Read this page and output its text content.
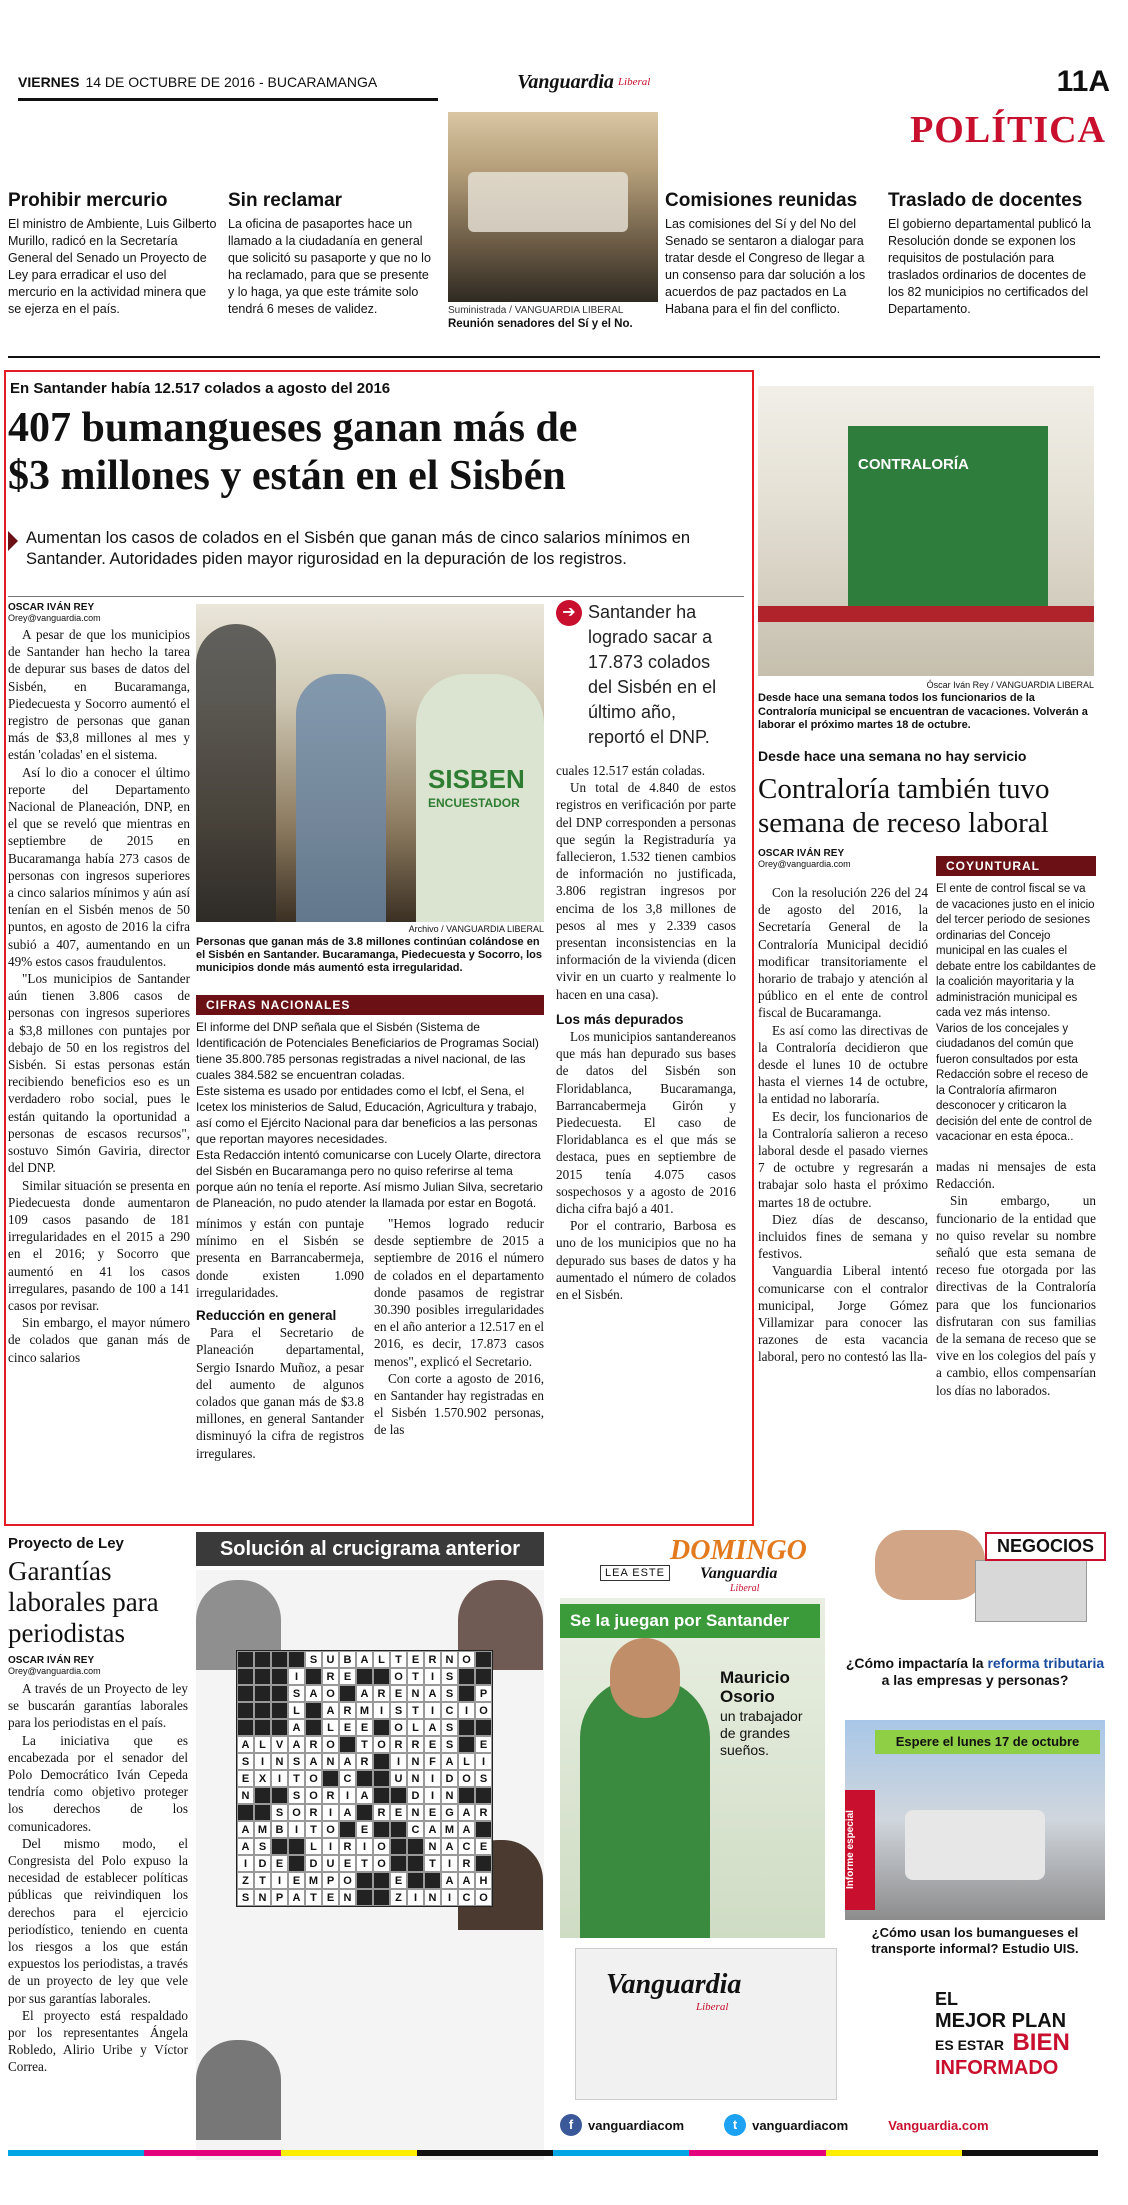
VIERNES 14 DE OCTUBRE DE 2016 - BUCARAMANGA	Vanguardia Liberal	11A
POLÍTICA
Suministrada / VANGUARDIA LIBERAL
Reunión senadores del Sí y el No.
Prohibir mercurio
El ministro de Ambiente, Luis Gilberto Murillo, radicó en la Secretaría General del Senado un Proyecto de Ley para erradicar el uso del mercurio en la actividad minera que se ejerza en el país.
Sin reclamar
La oficina de pasaportes hace un llamado a la ciudadanía en general que solicitó su pasaporte y que no lo ha reclamado, para que se presente y lo haga, ya que este trámite solo tendrá 6 meses de validez.
Comisiones reunidas
Las comisiones del Sí y del No del Senado se sentaron a dialogar para tratar desde el Congreso de llegar a un consenso para dar solución a los acuerdos de paz pactados en La Habana para el fin del conflicto.
Traslado de docentes
El gobierno departamental publicó la Resolución donde se exponen los requisitos de postulación para traslados ordinarios de docentes de los 82 municipios no certificados del Departamento.
En Santander había 12.517 colados a agosto del 2016
407 bumangueses ganan más de
$3 millones y están en el Sisbén
Aumentan los casos de colados en el Sisbén que ganan más de cinco salarios mínimos en Santander. Autoridades piden mayor rigurosidad en la depuración de los registros.
OSCAR IVÁN REY
Orey@vanguardia.com

A pesar de que los municipios de Santander han hecho la tarea de depurar sus bases de datos del Sisbén, en Bucaramanga, Piedecuesta y Socorro aumentó el registro de personas que ganan más de $3,8 millones al mes y están 'coladas' en el sistema.

Así lo dio a conocer el último reporte del Departamento Nacional de Planeación, DNP, en el que se reveló que mientras en septiembre de 2015 en Bucaramanga había 273 casos de personas con ingresos superiores a cinco salarios mínimos y aún así tenían en el Sisbén menos de 50 puntos, en agosto de 2016 la cifra subió a 407, aumentando en un 49% estos casos fraudulentos.

"Los municipios de Santander aún tienen 3.806 casos de personas con ingresos superiores a $3,8 millones con puntajes por debajo de 50 en los registros del Sisbén. Si estas personas están recibiendo beneficios eso es un verdadero robo social, pues le están quitando la oportunidad a personas de escasos recursos", sostuvo Simón Gaviria, director del DNP.

Similar situación se presenta en Piedecuesta donde aumentaron 109 casos pasando de 181 irregularidades en el 2015 a 290 en el 2016; y Socorro que aumentó en 41 los casos irregulares, pasando de 100 a 141 casos por revisar.

Sin embargo, el mayor número de colados que ganan más de cinco salarios

SISBEN
ENCUESTADOR
Archivo / VANGUARDIA LIBERAL
Personas que ganan más de 3.8 millones continúan colándose en el Sisbén en Santander. Bucaramanga, Piedecuesta y Socorro, los municipios donde más aumentó esta irregularidad.
CIFRAS NACIONALES
El informe del DNP señala que el Sisbén (Sistema de Identificación de Potenciales Beneficiarios de Programas Social) tiene 35.800.785 personas registradas a nivel nacional, de las cuales 384.582 se encuentran coladas.
Este sistema es usado por entidades como el Icbf, el Sena, el Icetex los ministerios de Salud, Educación, Agricultura y trabajo, así como el Ejército Nacional para dar beneficios a las personas que reportan mayores necesidades.
Esta Redacción intentó comunicarse con Lucely Olarte, directora del Sisbén en Bucaramanga pero no quiso referirse al tema porque aún no tenía el reporte. Así mismo Julian Silva, secretario de Planeación, no pudo atender la llamada por estar en Bogotá.

mínimos y están con puntaje mínimo en el Sisbén se presenta en Barrancabermeja, donde existen 1.090 irregularidades.

Reducción en general

Para el Secretario de Planeación departamental, Sergio Isnardo Muñoz, a pesar del aumento de algunos colados que ganan más de $3.8 millones, en general Santander disminuyó la cifra de registros irregulares.

"Hemos logrado reducir desde septiembre de 2015 a septiembre de 2016 el número de colados en el departamento donde pasamos de registrar 30.390 posibles irregularidades en el año anterior a 12.517 en el 2016, es decir, 17.873 casos menos", explicó el Secretario.

Con corte a agosto de 2016, en Santander hay registradas en el Sisbén 1.570.902 personas, de las

➔ Santander ha logrado sacar a 17.873 colados del Sisbén en el último año, reportó el DNP.

cuales 12.517 están coladas.

Un total de 4.840 de estos registros en verificación por parte del DNP corresponden a personas que según la Registraduría ya fallecieron, 1.532 tienen cambios de información no justificada, 3.806 registran ingresos por encima de los 3,8 millones de pesos al mes y 2.339 casos presentan inconsistencias en la información de la vivienda (dicen vivir en un cuarto y realmente lo hacen en una casa).

Los más depurados

Los municipios santandereanos que más han depurado sus bases de datos del Sisbén son Floridablanca, Bucaramanga, Barrancabermeja Girón y Piedecuesta. El caso de Floridablanca es el que más se destaca, pues en septiembre de 2015 tenía 4.075 casos sospechosos y a agosto de 2016 dicha cifra bajó a 401.

Por el contrario, Barbosa es uno de los municipios que no ha depurado sus bases de datos y ha aumentado el número de colados en el Sisbén.

CONTRALORÍA
Óscar Iván Rey / VANGUARDIA LIBERAL
Desde hace una semana todos los funcionarios de la Contraloría municipal se encuentran de vacaciones. Volverán a laborar el próximo martes 18 de octubre.
Desde hace una semana no hay servicio
Contraloría también tuvo semana de receso laboral
OSCAR IVÁN REY
Orey@vanguardia.com

Con la resolución 226 del 24 de agosto del 2016, la Secretaría General de la Contraloría Municipal decidió modificar transitoriamente el horario de trabajo y atención al público en el ente de control fiscal de Bucaramanga.

Es así como las directivas de la Contraloría decidieron que desde el lunes 10 de octubre hasta el viernes 14 de octubre, la entidad no laboraría.

Es decir, los funcionarios de la Contraloría salieron a receso laboral desde el pasado viernes 7 de octubre y regresarán a trabajar solo hasta el próximo martes 18 de octubre.

Diez días de descanso, incluidos fines de semana y festivos.

Vanguardia Liberal intentó comunicarse con el contralor municipal, Jorge Gómez Villamizar para conocer las razones de esta vacancia laboral, pero no contestó las lla-

COYUNTURAL
El ente de control fiscal se va de vacaciones justo en el inicio del tercer periodo de sesiones ordinarias del Concejo municipal en las cuales el debate entre los cabildantes de la coalición mayoritaria y la administración municipal es cada vez más intenso.
Varios de los concejales y ciudadanos del común que fueron consultados por esta Redacción sobre el receso de la Contraloría afirmaron desconocer y criticaron la decisión del ente de control de vacacionar en esta época..

madas ni mensajes de esta Redacción.

Sin embargo, un funcionario de la entidad que no quiso revelar su nombre señaló que esta semana de receso fue otorgada por las directivas de la Contraloría para que los funcionarios disfrutaran con sus familias de la semana de receso que se vive en los colegios del país y a cambio, ellos compensarían los días no laborados.

Proyecto de Ley
Garantías laborales para periodistas
OSCAR IVÁN REY
Orey@vanguardia.com

A través de un Proyecto de ley se buscarán garantías laborales para los periodistas en el país.

La iniciativa que es encabezada por el senador del Polo Democrático Iván Cepeda tendría como objetivo proteger los derechos de los comunicadores.

Del mismo modo, el Congresista del Polo expuso la necesidad de establecer políticas públicas que reivindiquen los derechos para el ejercicio periodístico, teniendo en cuenta los riesgos a los que están expuestos los periodistas, a través de un proyecto de ley que vele por sus garantías laborales.

El proyecto está respaldado por los representantes Ángela Robledo, Alirio Uribe y Víctor Correa.

Solución al crucigrama anterior
S U B A L T E R N O
I	R E	O T	I	S
S A O	A R E N A S	P
L	A R M I	S T	I	C	I	O
A	L E E	O L A S
A L V A R O	T O R R E S	E
S	I	N S A N A R	I	N F A L	I
E X	I	T O	C	U N	I	D O S
N	S O R	I	A	D	I	N
S O R	I	A	R E N E G A R
A M B	I	T O	E	C A M A
A S	L	I	R	I	O	N A C E
I	D E	D U E T O	T	I	R
Z T	I	E M P O	E	A A H
S N P A T E N	Z	I	N	I	C O
LEA ESTE
DOMINGO
Vanguardia
Liberal
Se la juegan por Santander
Mauricio Osorio
un trabajador de grandes sueños.
Vanguardia
Liberal
NEGOCIOS
¿Cómo impactaría la reforma tributaria a las empresas y personas?
Informe especial
Espere el lunes 17 de octubre
¿Cómo usan los bumangueses el transporte informal? Estudio UIS.
EL
MEJOR PLAN
ES ESTAR BIEN
INFORMADO
f	vanguardiacom	t	vanguardiacom	Vanguardia.com
